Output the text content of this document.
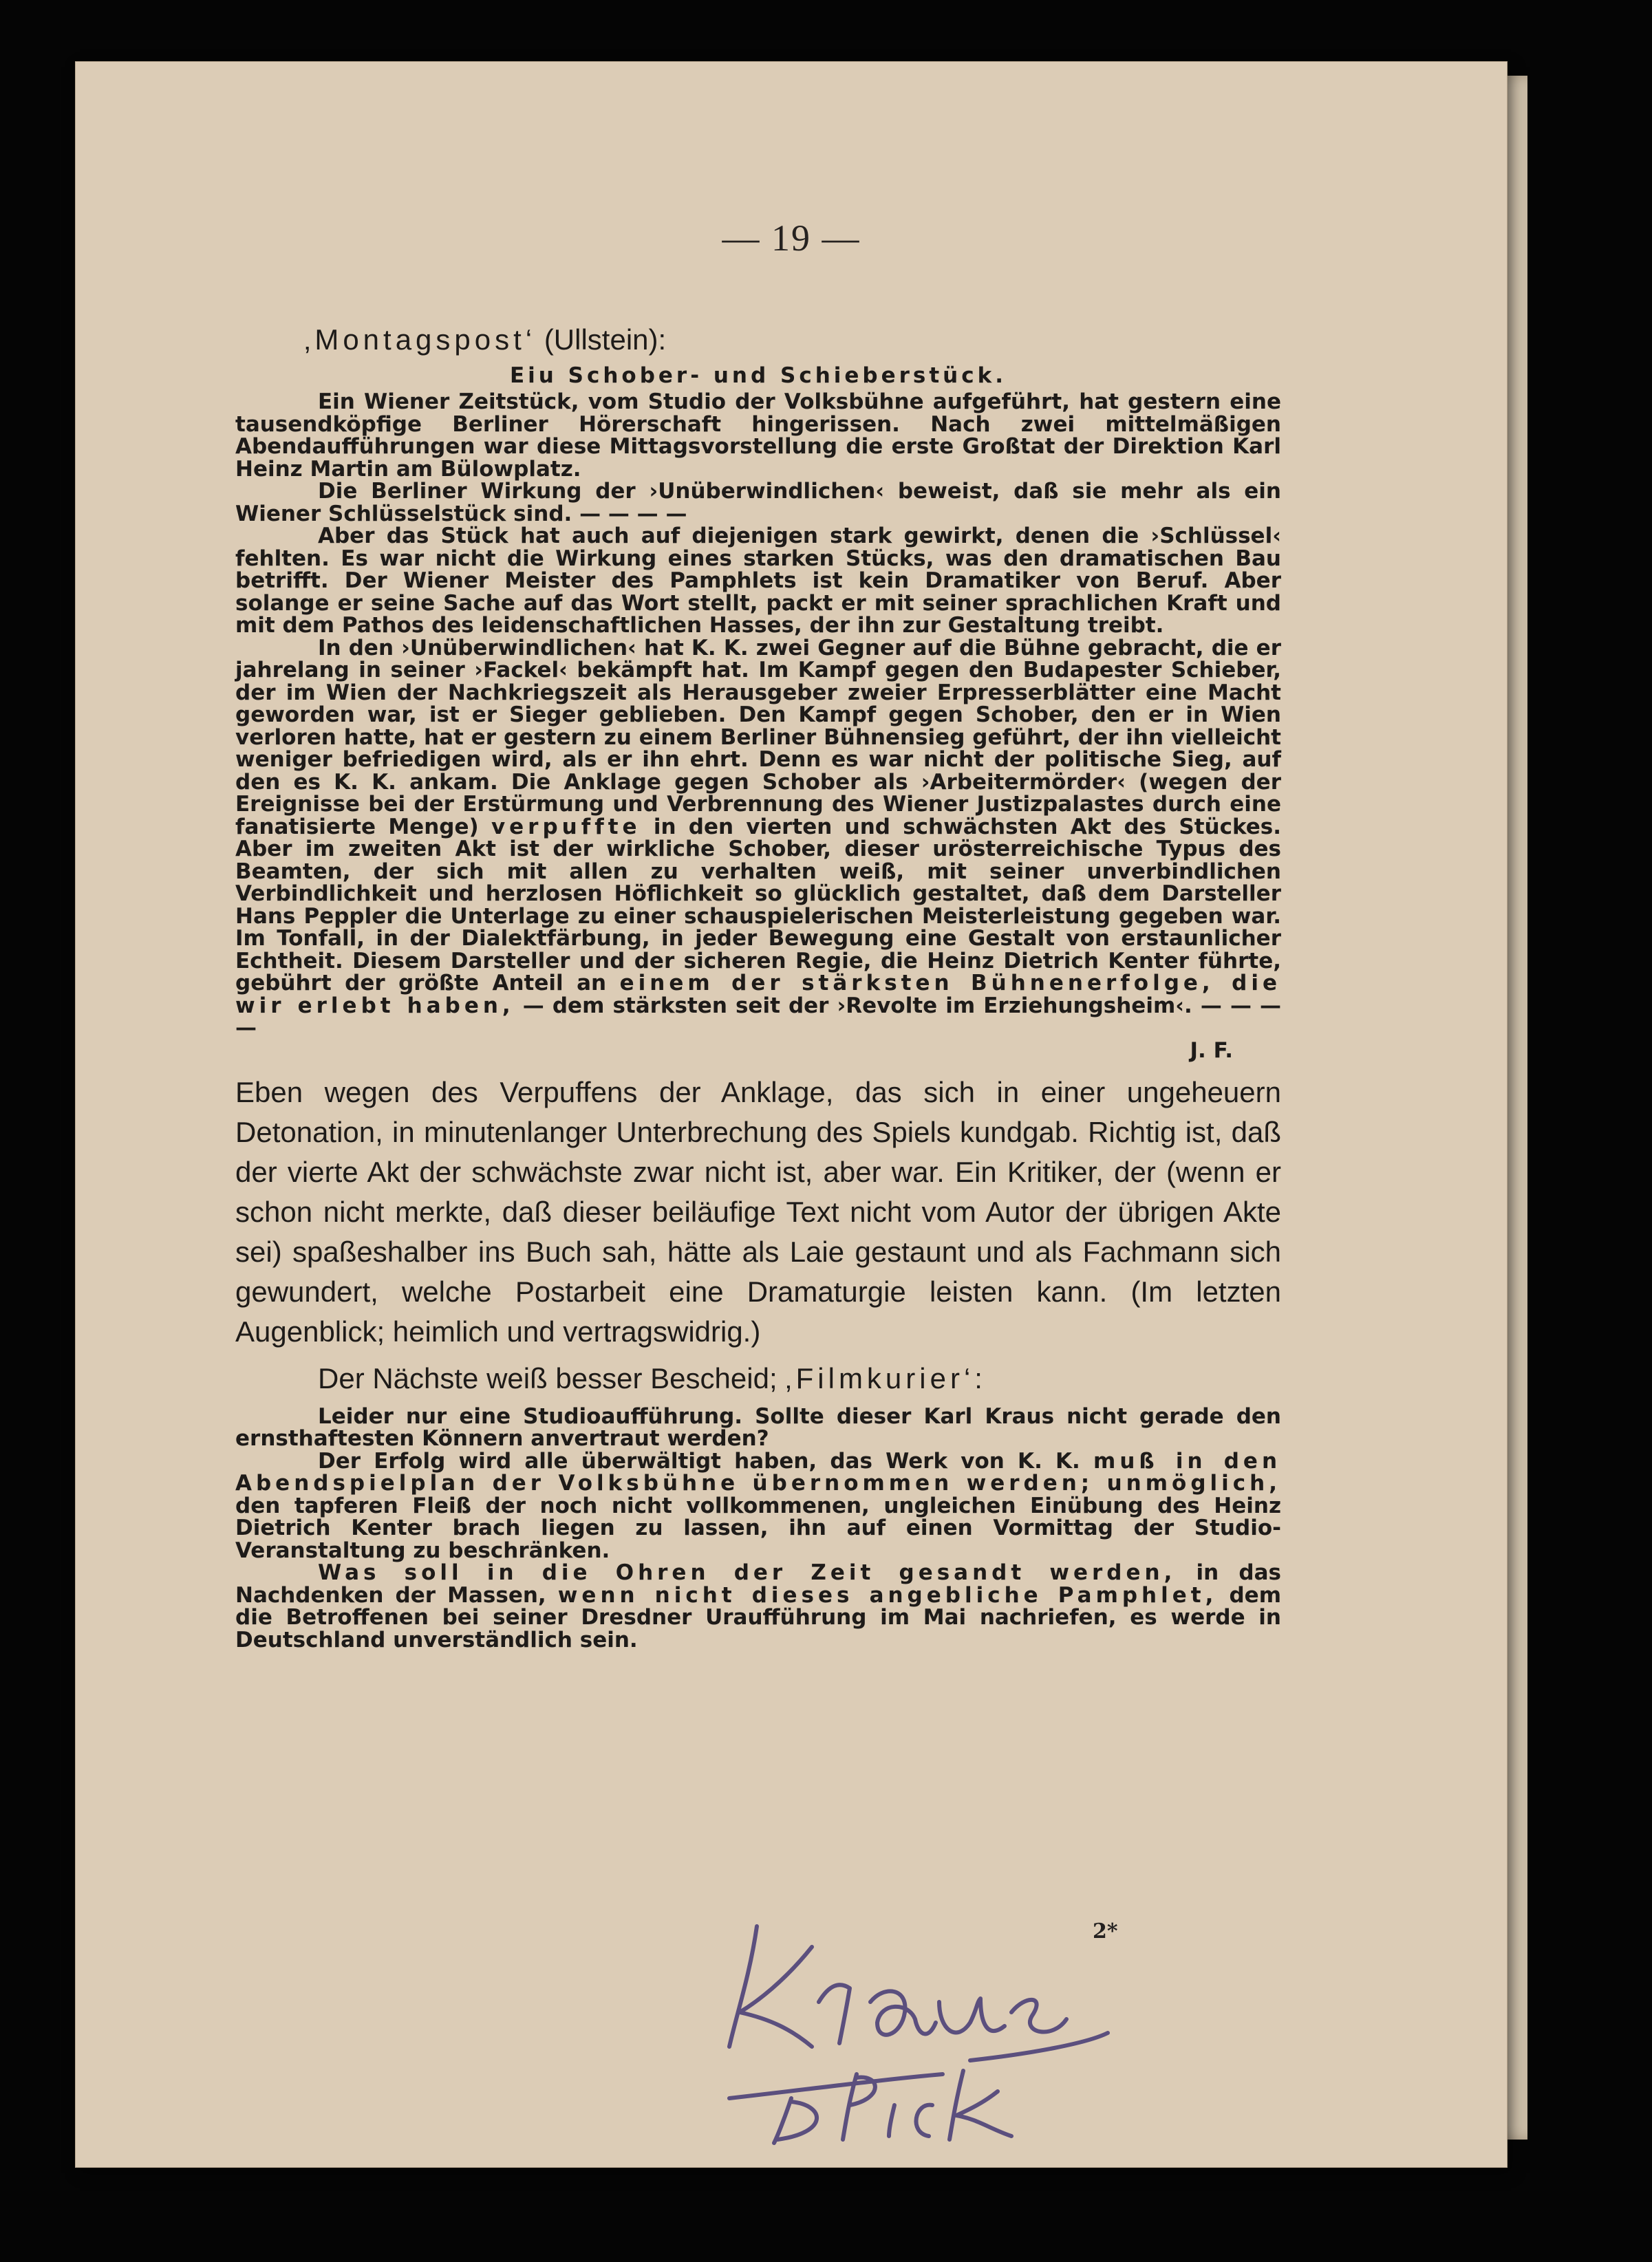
— 19 —
‚Montagspost‘ (Ullstein):
Eiu Schober- und Schieberstück.

Ein Wiener Zeitstück, vom Studio der Volksbühne aufgeführt, hat gestern eine tausendköpfige Berliner Hörerschaft hingerissen. Nach zwei mittelmäßigen Abendaufführungen war diese Mittagsvorstellung die erste Großtat der Direktion Karl Heinz Martin am Bülowplatz.

Die Berliner Wirkung der ›Unüberwindlichen‹ beweist, daß sie mehr als ein Wiener Schlüsselstück sind. — — — —

Aber das Stück hat auch auf diejenigen stark gewirkt, denen die ›Schlüssel‹ fehlten. Es war nicht die Wirkung eines starken Stücks, was den dramatischen Bau betrifft. Der Wiener Meister des Pamphlets ist kein Dramatiker von Beruf. Aber solange er seine Sache auf das Wort stellt, packt er mit seiner sprachlichen Kraft und mit dem Pathos des leidenschaftlichen Hasses, der ihn zur Gestaltung treibt.

In den ›Unüberwindlichen‹ hat K. K. zwei Gegner auf die Bühne gebracht, die er jahrelang in seiner ›Fackel‹ bekämpft hat. Im Kampf gegen den Budapester Schieber, der im Wien der Nachkriegszeit als Herausgeber zweier Erpresserblätter eine Macht geworden war, ist er Sieger geblieben. Den Kampf gegen Schober, den er in Wien verloren hatte, hat er gestern zu einem Berliner Bühnensieg geführt, der ihn vielleicht weniger befriedigen wird, als er ihn ehrt. Denn es war nicht der politische Sieg, auf den es K. K. ankam. Die Anklage gegen Schober als ›Arbeitermörder‹ (wegen der Ereignisse bei der Erstürmung und Verbrennung des Wiener Justizpalastes durch eine fanatisierte Menge) verpuffte in den vierten und schwächsten Akt des Stückes. Aber im zweiten Akt ist der wirkliche Schober, dieser urösterreichische Typus des Beamten, der sich mit allen zu verhalten weiß, mit seiner unverbindlichen Verbindlichkeit und herzlosen Höflichkeit so glücklich gestaltet, daß dem Darsteller Hans Peppler die Unterlage zu einer schauspielerischen Meisterleistung gegeben war. Im Tonfall, in der Dialektfärbung, in jeder Bewegung eine Gestalt von erstaunlicher Echtheit. Diesem Darsteller und der sicheren Regie, die Heinz Dietrich Kenter führte, gebührt der größte Anteil an einem der stärksten Bühnenerfolge, die wir erlebt haben, — dem stärksten seit der ›Revolte im Erziehungsheim‹. — — — —

J. F.

Eben wegen des Verpuffens der Anklage, das sich in einer ungeheuern Detonation, in minutenlanger Unterbrechung des Spiels kundgab. Richtig ist, daß der vierte Akt der schwächste zwar nicht ist, aber war. Ein Kritiker, der (wenn er schon nicht merkte, daß dieser beiläufige Text nicht vom Autor der übrigen Akte sei) spaßeshalber ins Buch sah, hätte als Laie gestaunt und als Fachmann sich gewundert, welche Postarbeit eine Dramaturgie leisten kann. (Im letzten Augenblick; heimlich und vertragswidrig.)

Der Nächste weiß besser Bescheid; ‚Filmkurier‘:

Leider nur eine Studioaufführung. Sollte dieser Karl Kraus nicht gerade den ernsthaftesten Könnern anvertraut werden?

Der Erfolg wird alle überwältigt haben, das Werk von K. K. muß in den Abendspielplan der Volksbühne übernommen werden; unmöglich, den tapferen Fleiß der noch nicht vollkommenen, ungleichen Einübung des Heinz Dietrich Kenter brach liegen zu lassen, ihn auf einen Vormittag der Studio-Veranstaltung zu beschränken.

Was soll in die Ohren der Zeit gesandt werden, in das Nachdenken der Massen, wenn nicht dieses angebliche Pamphlet, dem die Betroffenen bei seiner Dresdner Uraufführung im Mai nachriefen, es werde in Deutschland unverständlich sein.

2*
